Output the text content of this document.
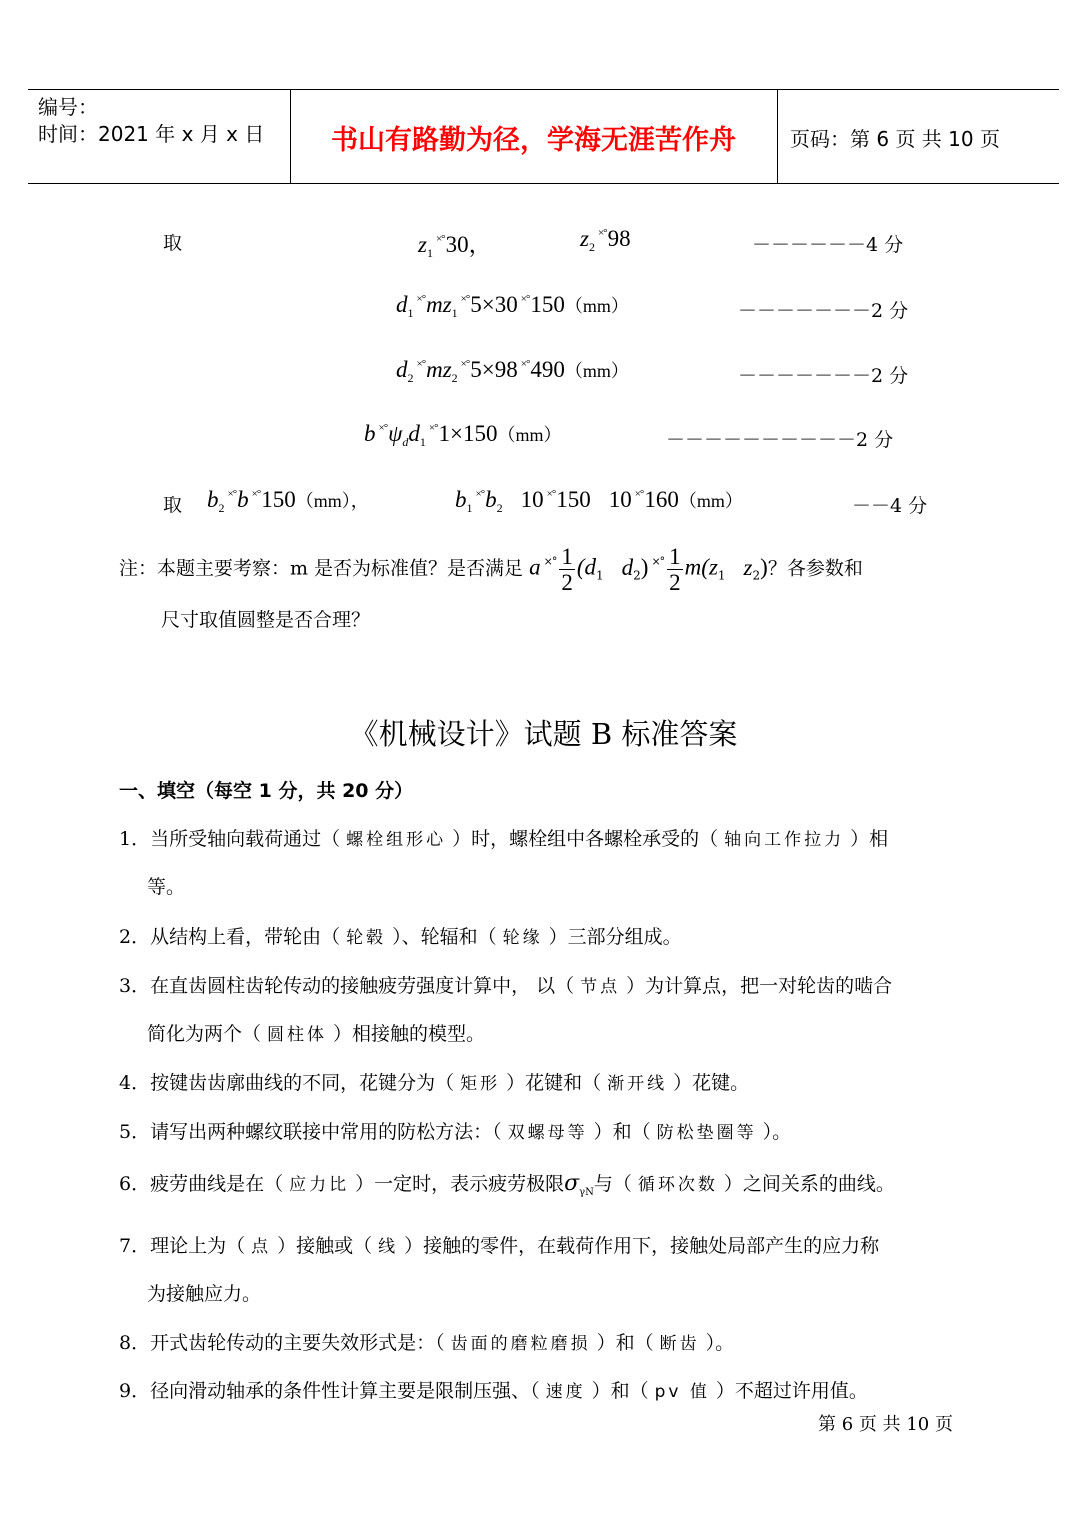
编号：
时间：2021 年 x 月 x 日	书山有路勤为径，学海无涯苦作舟	页码：第 6 页 共 10 页
取	$z_1^{\times^\circ}30$，	$z_2^{\times^\circ}98$	－－－－－－4 分
$d_1^{\times^\circ}mz_1^{\times^\circ}5\times 30$ ×°150（mm）	－－－－－－－2 分
$d_2^{\times^\circ}mz_2^{\times^\circ}5\times 98$ ×°490（mm）	－－－－－－－2 分
b $^{\times^\circ}\psi_dd_1^{\times^\circ}1\times 150(mm)$	－－－－－－－－－－2 分
取 $b_2^{\times^\circ}b$ ×°150（mm），	$b_1^{\times^\circ}b_2$ 10 ×°150 10 ×°160（mm）	－－4 分
注：本题主要考察：m 是否为标准值？是否满足 a $^{\times^\circ} \frac{1}{2} (d_1$ $d_2$) $^{\times^\circ} \frac{1}{2} m(z_1$ $z_2$)？各参数和
尺寸取值圆整是否合理？
《机械设计》试题 B 标准答案
一、填空（每空 1 分，共 20 分）
1．当所受轴向载荷通过（ 螺栓组形心 ）时，螺栓组中各螺栓承受的（ 轴向工作拉力 ）相
等。
2．从结构上看，带轮由（ 轮毂 ）、轮辐和（ 轮缘 ）三部分组成。
3．在直齿圆柱齿轮传动的接触疲劳强度计算中， 以（ 节点 ）为计算点，把一对轮齿的啮合
简化为两个（ 圆柱体 ）相接触的模型。
4．按键齿齿廓曲线的不同，花键分为（ 矩形 ）花键和（ 渐开线 ）花键。
5．请写出两种螺纹联接中常用的防松方法：（ 双螺母等 ）和（ 防松垫圈等 ）。
6．疲劳曲线是在（ 应力比 ）一定时，表示疲劳极限$\sigma_{\gamma N}$与（ 循环次数 ）之间关系的曲线。
7．理论上为（ 点 ）接触或（ 线 ）接触的零件，在载荷作用下，接触处局部产生的应力称
为接触应力。
8．开式齿轮传动的主要失效形式是：（ 齿面的磨粒磨损 ）和（ 断齿 ）。
9．径向滑动轴承的条件性计算主要是限制压强、（ 速度 ）和（ pv 值 ）不超过许用值。
第 6 页 共 10 页
